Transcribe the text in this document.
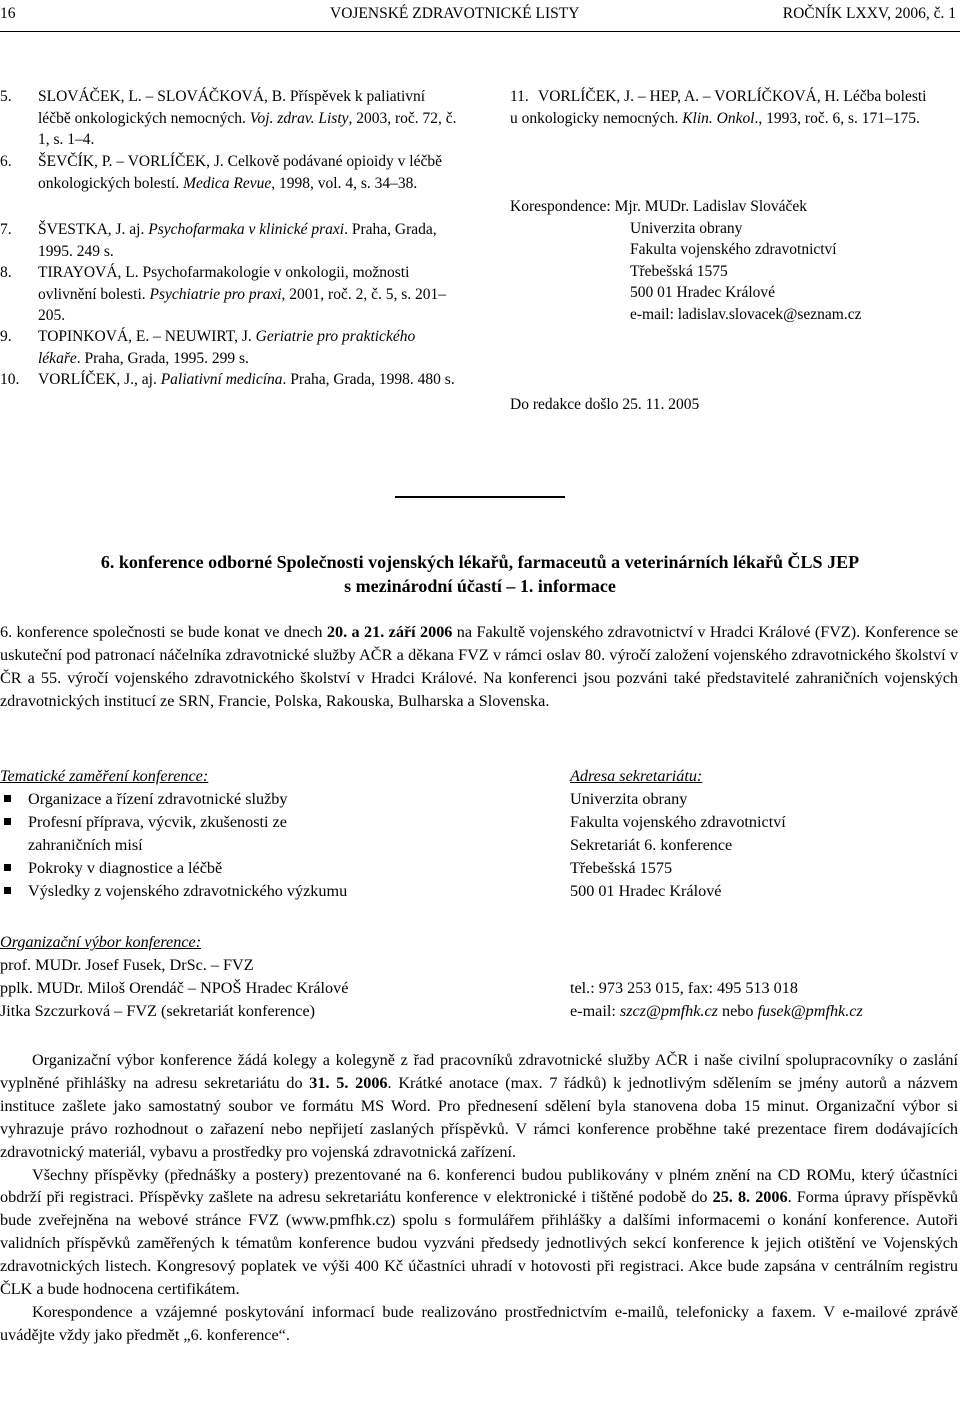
16	VOJENSKÉ ZDRAVOTNICKÉ LISTY	ROČNÍK LXXV, 2006, č. 1
5. SLOVÁČEK, L. – SLOVÁČKOVÁ, B. Příspěvek k paliativní léčbě onkologických nemocných. Voj. zdrav. Listy, 2003, roč. 72, č. 1, s. 1–4.
6. ŠEVČÍK, P. – VORLÍČEK, J. Celkově podávané opioidy v léčbě onkologických bolestí. Medica Revue, 1998, vol. 4, s. 34–38.
7. ŠVESTKA, J. aj. Psychofarmaka v klinické praxi. Praha, Grada, 1995. 249 s.
8. TIRAYOVÁ, L. Psychofarmakologie v onkologii, možnosti ovlivnění bolesti. Psychiatrie pro praxi, 2001, roč. 2, č. 5, s. 201–205.
9. TOPINKOVÁ, E. – NEUWIRT, J. Geriatrie pro praktického lékaře. Praha, Grada, 1995. 299 s.
10. VORLÍČEK, J., aj. Paliativní medicína. Praha, Grada, 1998. 480 s.
11. VORLÍČEK, J. – HEP, A. – VORLÍČKOVÁ, H. Léčba bolesti u onkologicky nemocných. Klin. Onkol., 1993, roč. 6, s. 171–175.
Korespondence: Mjr. MUDr. Ladislav Slováček
Univerzita obrany
Fakulta vojenského zdravotnictví
Třebešská 1575
500 01 Hradec Králové
e-mail: ladislav.slovacek@seznam.cz
Do redakce došlo 25. 11. 2005
6. konference odborné Společnosti vojenských lékařů, farmaceutů a veterinárních lékařů ČLS JEP
s mezinárodní účastí – 1. informace

6. konference společnosti se bude konat ve dnech 20. a 21. září 2006 na Fakultě vojenského zdravotnictví v Hradci Králové (FVZ). Konference se uskuteční pod patronací náčelníka zdravotnické služby AČR a děkana FVZ v rámci oslav 80. výročí založení vojenského zdravotnického školství v ČR a 55. výročí vojenského zdravotnického školství v Hradci Králové. Na konferenci jsou pozváni také představitelé zahraničních vojenských zdravotnických institucí ze SRN, Francie, Polska, Rakouska, Bulharska a Slovenska.

Tematické zaměření konference:
Organizace a řízení zdravotnické služby
Profesní příprava, výcvik, zkušenosti ze zahraničních misí
Pokroky v diagnostice a léčbě
Výsledky z vojenského zdravotnického výzkumu
Adresa sekretariátu:
Univerzita obrany
Fakulta vojenského zdravotnictví
Sekretariát 6. konference
Třebešská 1575
500 01 Hradec Králové
Organizační výbor konference:
prof. MUDr. Josef Fusek, DrSc. – FVZ
pplk. MUDr. Miloš Orendáč – NPOŠ Hradec Králové
Jitka Szczurková – FVZ (sekretariát konference)
tel.: 973 253 015, fax: 495 513 018
e-mail: szcz@pmfhk.cz nebo fusek@pmfhk.cz

Organizační výbor konference žádá kolegy a kolegyně z řad pracovníků zdravotnické služby AČR i naše civilní spolupracovníky o zaslání vyplněné přihlášky na adresu sekretariátu do 31. 5. 2006. Krátké anotace (max. 7 řádků) k jednotlivým sdělením se jmény autorů a názvem instituce zašlete jako samostatný soubor ve formátu MS Word. Pro přednesení sdělení byla stanovena doba 15 minut. Organizační výbor si vyhrazuje právo rozhodnout o zařazení nebo nepřijetí zaslaných příspěvků. V rámci konference proběhne také prezentace firem dodávajících zdravotnický materiál, vybavu a prostředky pro vojenská zdravotnická zařízení.

Všechny příspěvky (přednášky a postery) prezentované na 6. konferenci budou publikovány v plném znění na CD ROMu, který účastníci obdrží při registraci. Příspěvky zašlete na adresu sekretariátu konference v elektronické i tištěné podobě do 25. 8. 2006. Forma úpravy příspěvků bude zveřejněna na webové stránce FVZ (www.pmfhk.cz) spolu s formulářem přihlášky a dalšími informacemi o konání konference. Autoři validních příspěvků zaměřených k tématům konference budou vyzváni předsedy jednotlivých sekcí konference k jejich otištění ve Vojenských zdravotnických listech. Kongresový poplatek ve výši 400 Kč účastníci uhradí v hotovosti při registraci. Akce bude zapsána v centrálním registru ČLK a bude hodnocena certifikátem.

Korespondence a vzájemné poskytování informací bude realizováno prostřednictvím e-mailů, telefonicky a faxem. V e-mailové zprávě uvádějte vždy jako předmět „6. konference“.
